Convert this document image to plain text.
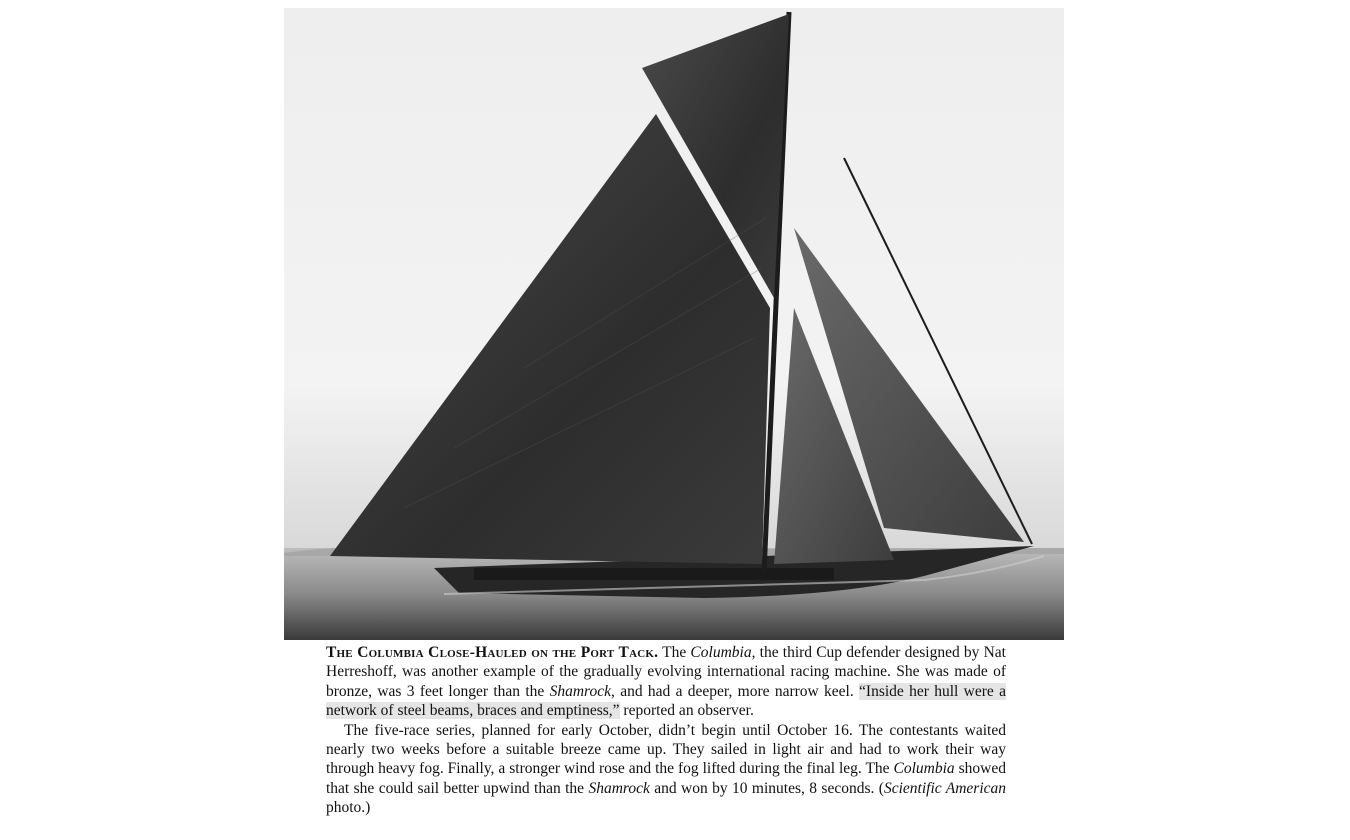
The Columbia Close-Hauled on the Port Tack. The Columbia, the third Cup defender designed by Nat Herreshoff, was another example of the gradually evolving international racing machine. She was made of bronze, was 3 feet longer than the Shamrock, and had a deeper, more narrow keel. “Inside her hull were a network of steel beams, braces and emptiness,” reported an observer.

The five-race series, planned for early October, didn’t begin until October 16. The contestants waited nearly two weeks before a suitable breeze came up. They sailed in light air and had to work their way through heavy fog. Finally, a stronger wind rose and the fog lifted during the final leg. The Columbia showed that she could sail better upwind than the Shamrock and won by 10 minutes, 8 seconds. (Scientific American photo.)
